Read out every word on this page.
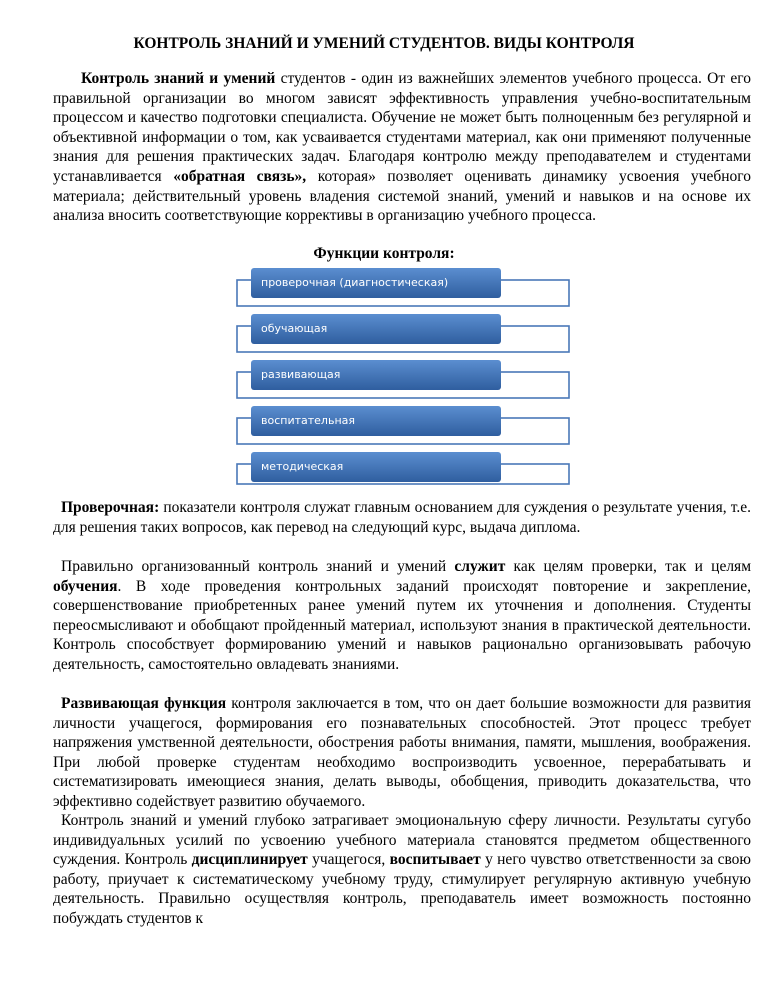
КОНТРОЛЬ ЗНАНИЙ И УМЕНИЙ СТУДЕНТОВ. ВИДЫ КОНТРОЛЯ

Контроль знаний и умений студентов - один из важнейших элементов учебного процесса. От его правильной организации во многом зависят эффективность управления учебно-воспитательным процессом и качество подготовки специалиста. Обучение не может быть полноценным без регулярной и объективной информации о том, как усваивается студентами материал, как они применяют полученные знания для решения практических задач. Благодаря контролю между преподавателем и студентами устанавливается «обратная связь», которая» позволяет оценивать динамику усвоения учебного материала; действительный уровень владения системой знаний, умений и навыков и на основе их анализа вносить соответствующие коррективы в организацию учебного процесса.

Функции контроля:
проверочная (диагностическая)
обучающая
развивающая
воспитательная
методическая

Проверочная: показатели контроля служат главным основанием для суждения о результате учения, т.е. для решения таких вопросов, как перевод на следующий курс, выдача диплома.

Правильно организованный контроль знаний и умений служит как целям проверки, так и целям обучения. В ходе проведения контрольных заданий происходят повторение и закрепление, совершенствование приобретенных ранее умений путем их уточнения и дополнения. Студенты переосмысливают и обобщают пройденный материал, используют знания в практической деятельности. Контроль способствует формированию умений и навыков рационально организовывать рабочую деятельность, самостоятельно овладевать знаниями.

Развивающая функция контроля заключается в том, что он дает большие возможности для развития личности учащегося, формирования его познавательных способностей. Этот процесс требует напряжения умственной деятельности, обострения работы внимания, памяти, мышления, воображения. При любой проверке студентам необходимо воспроизводить усвоенное, перерабатывать и систематизировать имеющиеся знания, делать выводы, обобщения, приводить доказательства, что эффективно содействует развитию обучаемого.

Контроль знаний и умений глубоко затрагивает эмоциональную сферу личности. Результаты сугубо индивидуальных усилий по усвоению учебного материала становятся предметом общественного суждения. Контроль дисциплинирует учащегося, воспитывает у него чувство ответственности за свою работу, приучает к систематическому учебному труду, стимулирует регулярную активную учебную деятельность. Правильно осуществляя контроль, преподаватель имеет возможность постоянно побуждать студентов к
